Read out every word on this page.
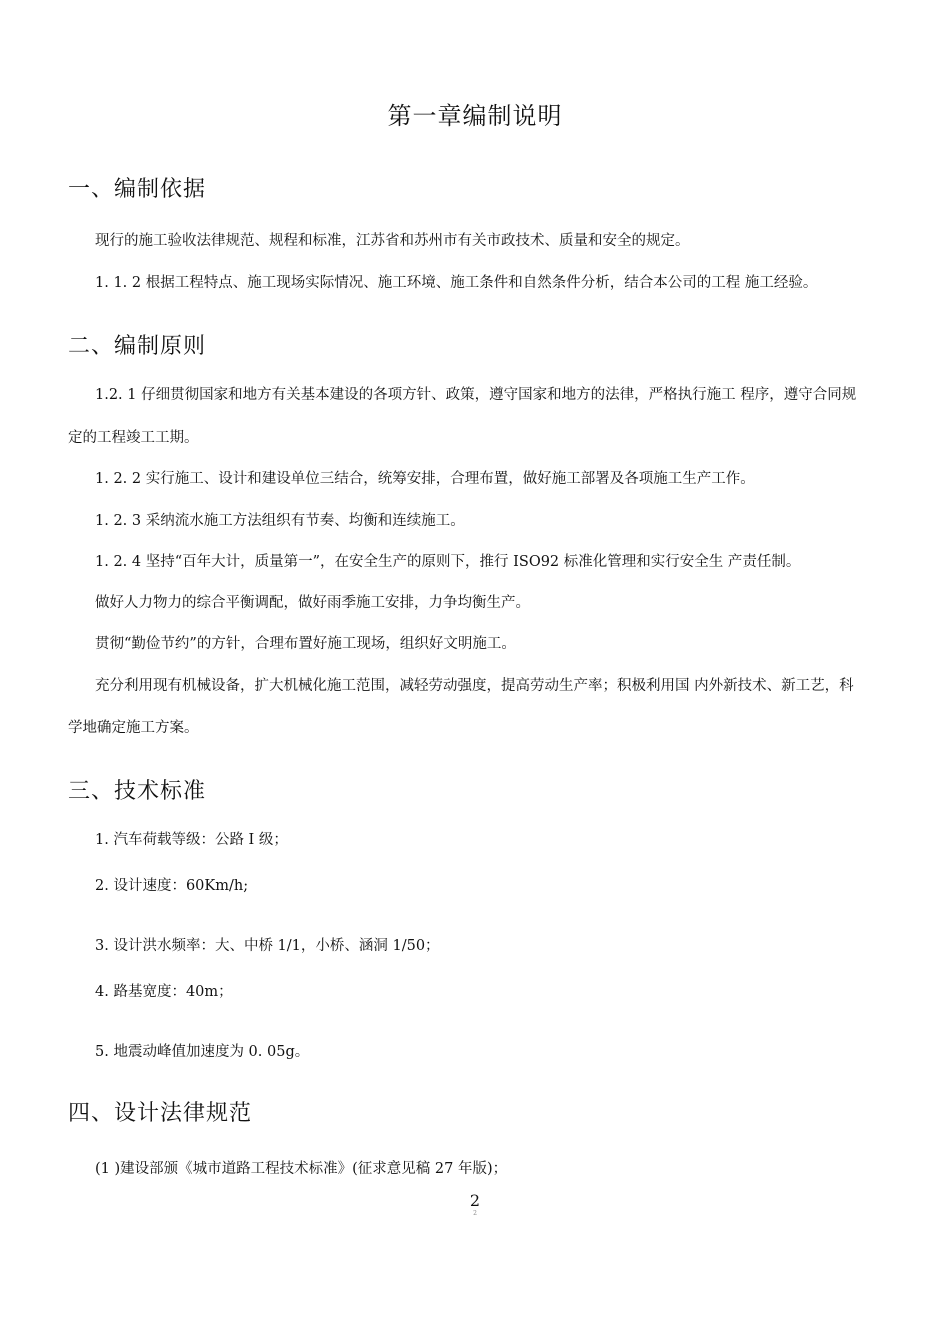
第一章编制说明
一、编制依据
现行的施工验收法律规范、规程和标准，江苏省和苏州市有关市政技术、质量和安全的规定。
1. 1. 2 根据工程特点、施工现场实际情况、施工环境、施工条件和自然条件分析，结合本公司的工程 施工经验。
二、编制原则
1.2. 1 仔细贯彻国家和地方有关基本建设的各项方针、政策，遵守国家和地方的法律，严格执行施工 程序，遵守合同规
定的工程竣工工期。
1. 2. 2 实行施工、设计和建设单位三结合，统筹安排，合理布置，做好施工部署及各项施工生产工作。
1. 2. 3 采纳流水施工方法组织有节奏、均衡和连续施工。
1. 2. 4 坚持“百年大计，质量第一”，在安全生产的原则下，推行 ISO92 标准化管理和实行安全生 产责任制。
做好人力物力的综合平衡调配，做好雨季施工安排，力争均衡生产。
贯彻“勤俭节约”的方针，合理布置好施工现场，组织好文明施工。
充分利用现有机械设备，扩大机械化施工范围，减轻劳动强度，提高劳动生产率；积极利用国 内外新技术、新工艺，科
学地确定施工方案。
三、技术标准
1. 汽车荷载等级：公路 I 级；
2. 设计速度：60Km/h;
3. 设计洪水频率：大、中桥 1/1，小桥、涵洞 1/50；
4. 路基宽度：40m；
5. 地震动峰值加速度为 0. 05g。
四、设计法律规范
(1 )建设部颁《城市道路工程技术标准》(征求意见稿 27 年版)；
2
2
